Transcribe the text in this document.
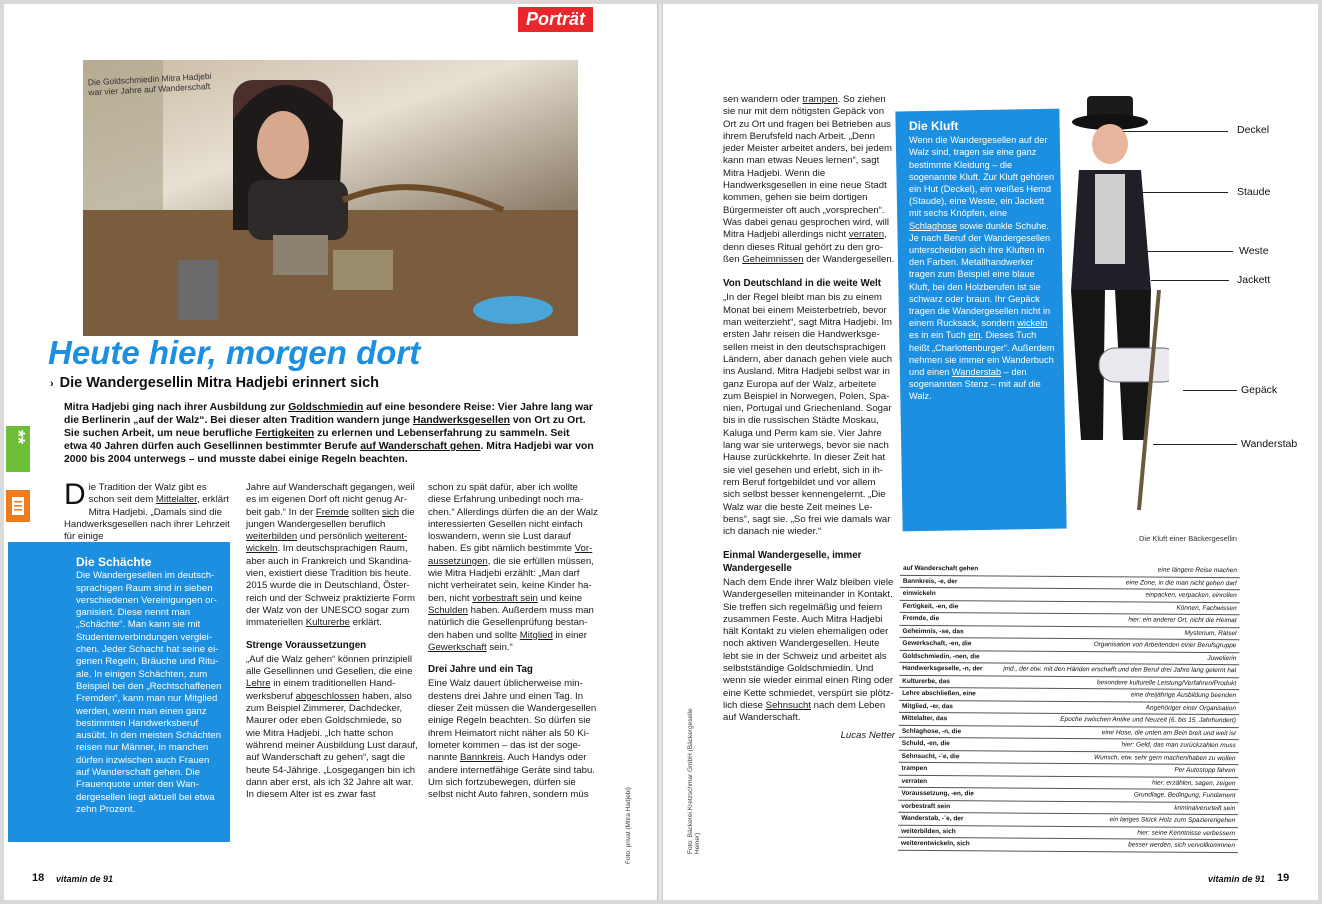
Porträt
Die Goldschmiedin Mitra Hadjebi war vier Jahre auf Wanderschaft
Heute hier, morgen dort
› Die Wandergesellin Mitra Hadjebi erinnert sich
Mitra Hadjebi ging nach ihrer Ausbildung zur Goldschmiedin auf eine besondere Reise: Vier Jahre lang war die Berlinerin „auf der Walz“. Bei dieser alten Tradition wandern junge Handwerksgesellen von Ort zu Ort. Sie suchen Arbeit, um neue berufliche Fertigkeiten zu erlernen und Lebenserfahrung zu sammeln. Seit etwa 40 Jahren dürfen auch Gesellinnen bestimmter Berufe auf Wanderschaft gehen. Mitra Hadjebi war von 2000 bis 2004 unterwegs – und musste dabei einige Regeln beachten.
**
Die Tradition der Walz gibt es schon seit dem Mittelalter, erklärt Mitra Hadjebi. „Damals sind die Handwerksgesellen nach ihrer Lehrzeit für einige
Die Schächte
Die Wandergesellen im deutschsprachigen Raum sind in sieben verschiedenen Vereinigungen organisiert. Diese nennt man „Schächte“. Man kann sie mit Studentenverbindungen vergleichen. Jeder Schacht hat seine eigenen Regeln, Bräuche und Rituale. In einigen Schächten, zum Beispiel bei den „Rechtschaffenen Fremden“, kann man nur Mitglied werden, wenn man einen ganz bestimmten Handwerksberuf ausübt. In den meisten Schächten reisen nur Männer, in manchen dürfen inzwischen auch Frauen auf Wanderschaft gehen. Die Frauenquote unter den Wandergesellen liegt aktuell bei etwa zehn Prozent.

Jahre auf Wanderschaft gegangen, weil es im eigenen Dorf oft nicht genug Arbeit gab.“ In der Fremde sollten sich die jungen Wandergesellen beruflich weiterbilden und persönlich weiterentwickeln. Im deutschsprachigen Raum, aber auch in Frankreich und Skandinavien, existiert diese Tradition bis heute. 2015 wurde die in Deutschland, Österreich und der Schweiz praktizierte Form der Walz von der UNESCO sogar zum immateriellen Kulturerbe erklärt.

Strenge Voraussetzungen

„Auf die Walz gehen“ können prinzipiell alle Gesellinnen und Gesellen, die eine Lehre in einem traditionellen Handwerksberuf abgeschlossen haben, also zum Beispiel Zimmerer, Dachdecker, Maurer oder eben Goldschmiede, so wie Mitra Hadjebi. „Ich hatte schon während meiner Ausbildung Lust darauf, auf Wanderschaft zu gehen“, sagt die heute 54-Jährige. „Losgegangen bin ich dann aber erst, als ich 32 Jahre alt war. In diesem Alter ist es zwar fast

schon zu spät dafür, aber ich wollte diese Erfahrung unbedingt noch machen.“ Allerdings dürfen die an der Walz interessierten Gesellen nicht einfach loswandern, wenn sie Lust darauf haben. Es gibt nämlich bestimmte Voraussetzungen, die sie erfüllen müssen, wie Mitra Hadjebi erzählt: „Man darf nicht verheiratet sein, keine Kinder haben, nicht vorbestraft sein und keine Schulden haben. Außerdem muss man natürlich die Gesellenprüfung bestanden haben und sollte Mitglied in einer Gewerkschaft sein.“

Drei Jahre und ein Tag

Eine Walz dauert üblicherweise mindestens drei Jahre und einen Tag. In dieser Zeit müssen die Wandergesellen einige Regeln beachten. So dürfen sie ihrem Heimatort nicht näher als 50 Kilometer kommen – das ist der sogenannte Bannkreis. Auch Handys oder andere internetfähige Geräte sind tabu. Um sich fortzubewegen, dürfen sie selbst nicht Auto fahren, sondern müs	Foto: privat (Mitra Hadjebi)
18 vitamin de 91

sen wandern oder trampen. So ziehen sie nur mit dem nötigsten Gepäck von Ort zu Ort und fragen bei Betrieben aus ihrem Berufsfeld nach Arbeit. „Denn jeder Meister arbeitet anders, bei jedem kann man etwas Neues lernen“, sagt Mitra Hadjebi. Wenn die Handwerksgesellen in eine neue Stadt kommen, gehen sie beim dortigen Bürgermeister oft auch „vorsprechen“. Was dabei genau gesprochen wird, will Mitra Hadjebi allerdings nicht verraten, denn dieses Ritual gehört zu den großen Geheimnissen der Wandergesellen.

Von Deutschland in die weite Welt

„In der Regel bleibt man bis zu einem Monat bei einem Meisterbetrieb, bevor man weiterzieht“, sagt Mitra Hadjebi. Im ersten Jahr reisen die Handwerksgesellen meist in den deutschsprachigen Ländern, aber danach gehen viele auch ins Ausland. Mitra Hadjebi selbst war in ganz Europa auf der Walz, arbeitete zum Beispiel in Norwegen, Polen, Spanien, Portugal und Griechenland. Sogar bis in die russischen Städte Moskau, Kaluga und Perm kam sie. Vier Jahre lang war sie unterwegs, bevor sie nach Hause zurückkehrte. In dieser Zeit hat sie viel gesehen und erlebt, sich in ihrem Beruf fortgebildet und vor allem sich selbst besser kennengelernt. „Die Walz war die beste Zeit meines Lebens“, sagt sie. „So frei wie damals war ich danach nie wieder.“

Einmal Wandergeselle, immer Wandergeselle

Nach dem Ende ihrer Walz bleiben viele Wandergesellen miteinander in Kontakt. Sie treffen sich regelmäßig und feiern zusammen Feste. Auch Mitra Hadjebi hält Kontakt zu vielen ehemaligen oder noch aktiven Wandergesellen. Heute lebt sie in der Schweiz und arbeitet als selbstständige Goldschmiedin. Und wenn sie wieder einmal einen Ring oder eine Kette schmiedet, verspürt sie plötzlich diese Sehnsucht nach dem Leben auf Wanderschaft.

Lucas Netter
Foto: Bäckerei Kretzschmar GmbH (Bäckergeselle Heiner)
Die Kluft
Wenn die Wandergesellen auf der Walz sind, tragen sie eine ganz bestimmte Kleidung – die sogenannte Kluft. Zur Kluft gehören ein Hut (Deckel), ein weißes Hemd (Staude), eine Weste, ein Jackett mit sechs Knöpfen, eine Schlaghose sowie dunkle Schuhe. Je nach Beruf der Wandergesellen unterscheiden sich ihre Kluften in den Farben. Metallhandwerker tragen zum Beispiel eine blaue Kluft, bei den Holzberufen ist sie schwarz oder braun. Ihr Gepäck tragen die Wandergesellen nicht in einem Rucksack, sondern wickeln es in ein Tuch ein. Dieses Tuch heißt „Charlottenburger“. Außerdem nehmen sie immer ein Wanderbuch und einen Wanderstab – den sogenannten Stenz – mit auf die Walz.
Deckel
Staude
Weste
Jackett
Gepäck
Wanderstab
Die Kluft einer Bäckergesellin
auf Wanderschaft gehen	eine längere Reise machen
Bannkreis, -e, der	eine Zone, in die man nicht gehen darf
einwickeln	einpacken, verpacken, einrollen
Fertigkeit, -en, die	Können, Fachwissen
Fremde, die	hier: ein anderer Ort, nicht die Heimat
Geheimnis, -se, das	Mysterium, Rätsel
Gewerkschaft, -en, die	Organisation von Arbeitenden einer Berufsgruppe
Goldschmiedin, -nen, die	Juwelierin
Handwerksgeselle, -n, der	jmd., der etw. mit den Händen erschafft und den Beruf drei Jahre lang gelernt hat
Kulturerbe, das	besondere kulturelle Leistung/Verfahren/Produkt
Lehre abschließen, eine	eine dreijährige Ausbildung beenden
Mitglied, -er, das	Angehöriger einer Organisation
Mittelalter, das	Epoche zwischen Antike und Neuzeit (6. bis 15. Jahrhundert)
Schlaghose, -n, die	eine Hose, die unten am Bein breit und weit ist
Schuld, -en, die	hier: Geld, das man zurückzahlen muss
Sehnsucht, -¨e, die	Wunsch, etw. sehr gern machen/haben zu wollen
trampen	Per Autostopp fahren
verraten	hier: erzählen, sagen, zeigen
Voraussetzung, -en, die	Grundlage, Bedingung, Fundament
vorbestraft sein	kriminalverurteilt sein
Wanderstab, -¨e, der	ein langes Stück Holz zum Spazierengehen
weiterbilden, sich	hier: seine Kenntnisse verbessern
weiterentwickeln, sich	besser werden, sich vervollkommnen
vitamin de 91 19
